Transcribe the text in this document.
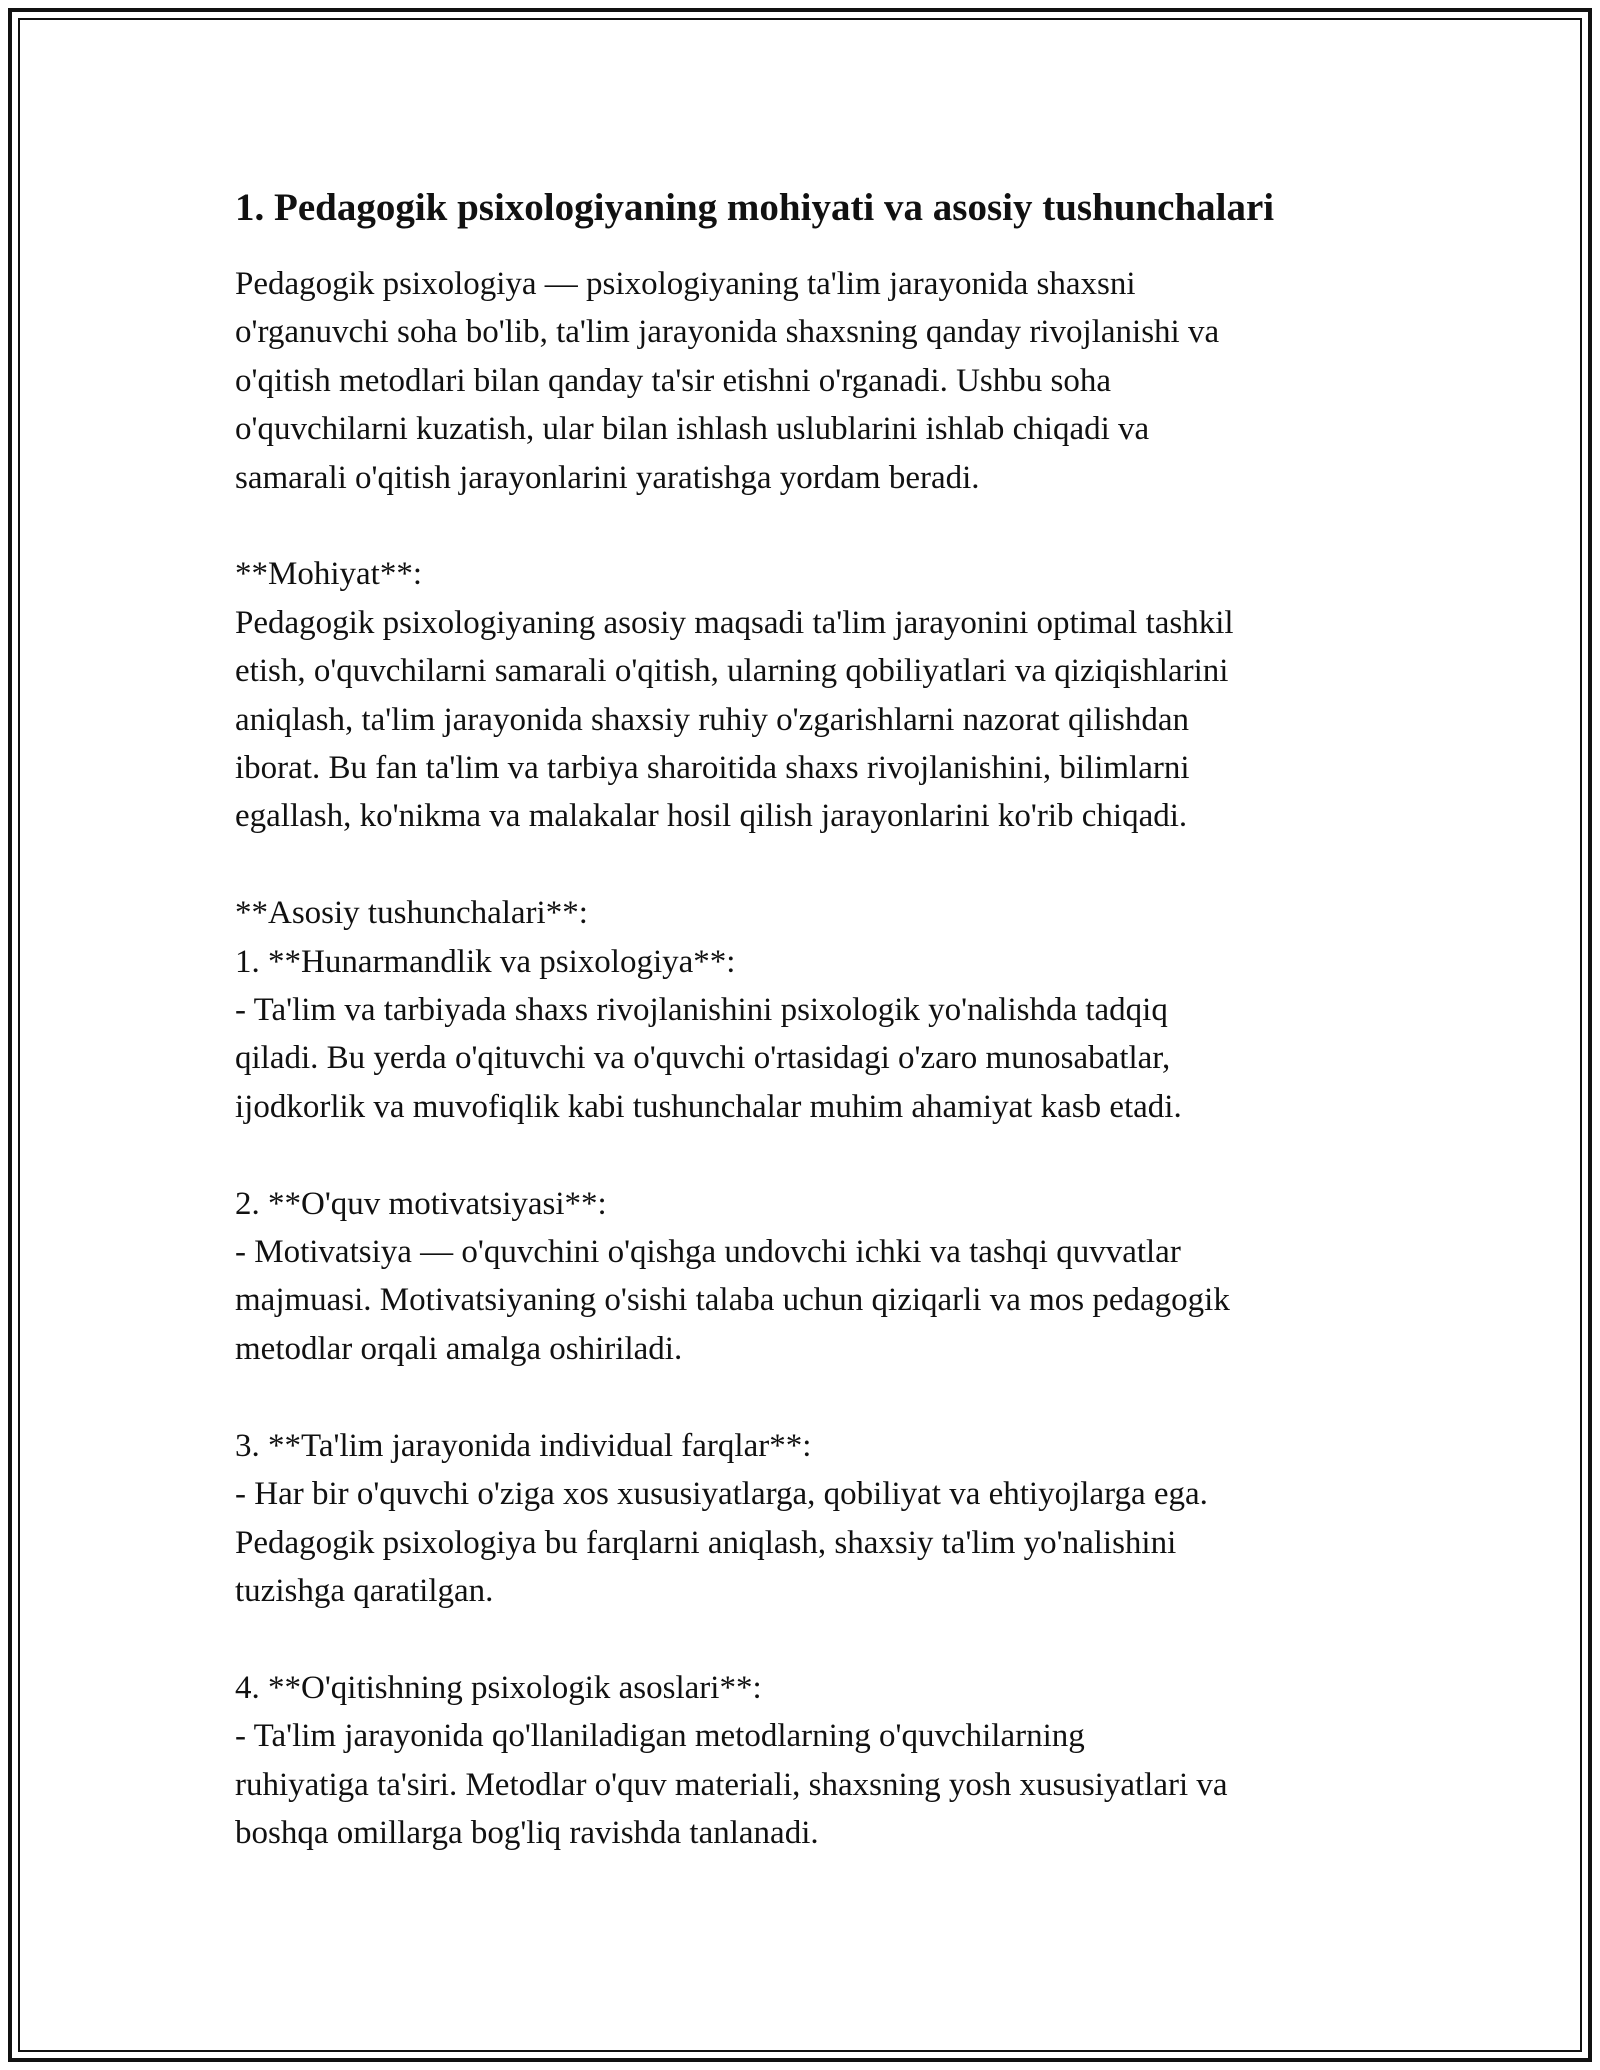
1. Pedagogik psixologiyaning mohiyati va asosiy tushunchalari

Pedagogik psixologiya — psixologiyaning ta'lim jarayonida shaxsni
o'rganuvchi soha bo'lib, ta'lim jarayonida shaxsning qanday rivojlanishi va
o'qitish metodlari bilan qanday ta'sir etishni o'rganadi. Ushbu soha
o'quvchilarni kuzatish, ular bilan ishlash uslublarini ishlab chiqadi va
samarali o'qitish jarayonlarini yaratishga yordam beradi.

**Mohiyat**:

Pedagogik psixologiyaning asosiy maqsadi ta'lim jarayonini optimal tashkil
etish, o'quvchilarni samarali o'qitish, ularning qobiliyatlari va qiziqishlarini
aniqlash, ta'lim jarayonida shaxsiy ruhiy o'zgarishlarni nazorat qilishdan
iborat. Bu fan ta'lim va tarbiya sharoitida shaxs rivojlanishini, bilimlarni
egallash, ko'nikma va malakalar hosil qilish jarayonlarini ko'rib chiqadi.

**Asosiy tushunchalari**:

1. **Hunarmandlik va psixologiya**:

- Ta'lim va tarbiyada shaxs rivojlanishini psixologik yo'nalishda tadqiq
qiladi. Bu yerda o'qituvchi va o'quvchi o'rtasidagi o'zaro munosabatlar,
ijodkorlik va muvofiqlik kabi tushunchalar muhim ahamiyat kasb etadi.

2. **O'quv motivatsiyasi**:

- Motivatsiya — o'quvchini o'qishga undovchi ichki va tashqi quvvatlar
majmuasi. Motivatsiyaning o'sishi talaba uchun qiziqarli va mos pedagogik
metodlar orqali amalga oshiriladi.

3. **Ta'lim jarayonida individual farqlar**:

- Har bir o'quvchi o'ziga xos xususiyatlarga, qobiliyat va ehtiyojlarga ega.
Pedagogik psixologiya bu farqlarni aniqlash, shaxsiy ta'lim yo'nalishini
tuzishga qaratilgan.

4. **O'qitishning psixologik asoslari**:

- Ta'lim jarayonida qo'llaniladigan metodlarning o'quvchilarning
ruhiyatiga ta'siri. Metodlar o'quv materiali, shaxsning yosh xususiyatlari va
boshqa omillarga bog'liq ravishda tanlanadi.
